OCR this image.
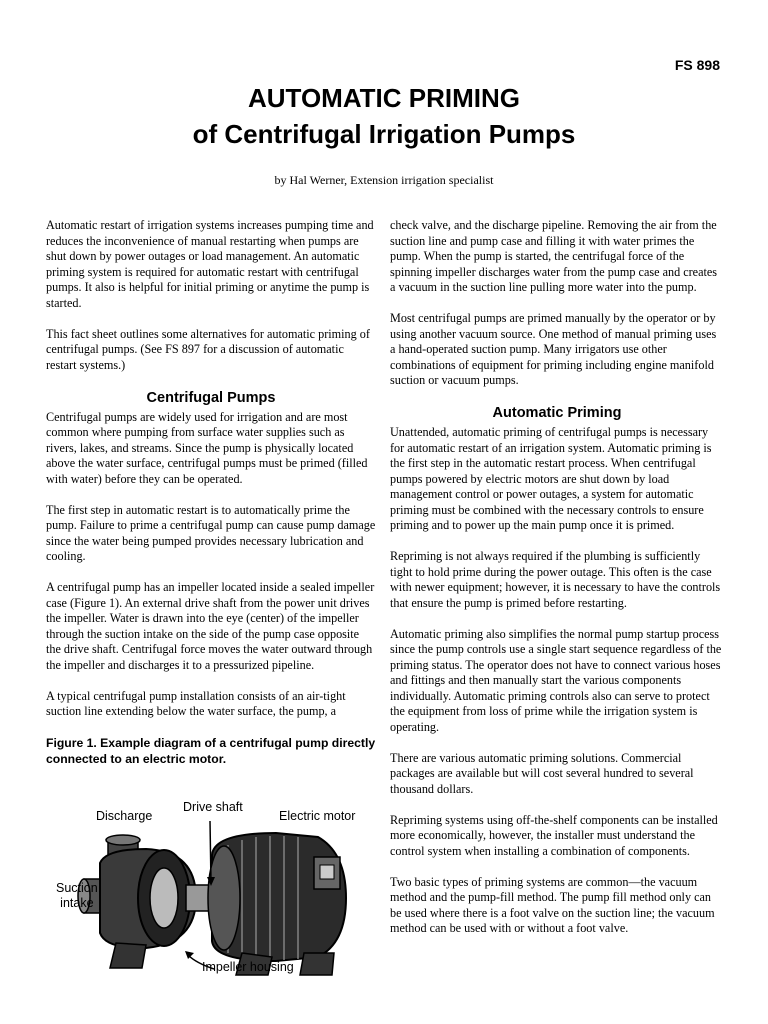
FS 898
AUTOMATIC PRIMING
of Centrifugal Irrigation Pumps
by Hal Werner, Extension irrigation specialist

Automatic restart of irrigation systems increases pumping time and reduces the inconvenience of manual restarting when pumps are shut down by power outages or load management. An automatic priming system is required for automatic restart with centrifugal pumps. It also is helpful for initial priming or anytime the pump is started.

This fact sheet outlines some alternatives for automatic priming of centrifugal pumps. (See FS 897 for a discussion of automatic restart systems.)

Centrifugal Pumps

Centrifugal pumps are widely used for irrigation and are most common where pumping from surface water supplies such as rivers, lakes, and streams. Since the pump is physically located above the water surface, centrifugal pumps must be primed (filled with water) before they can be operated.

The first step in automatic restart is to automatically prime the pump. Failure to prime a centrifugal pump can cause pump damage since the water being pumped provides necessary lubrication and cooling.

A centrifugal pump has an impeller located inside a sealed impeller case (Figure 1). An external drive shaft from the power unit drives the impeller. Water is drawn into the eye (center) of the impeller through the suction intake on the side of the pump case opposite the drive shaft. Centrifugal force moves the water outward through the impeller and discharges it to a pressurized pipeline.

A typical centrifugal pump installation consists of an air-tight suction line extending below the water surface, the pump, a

Figure 1. Example diagram of a centrifugal pump directly connected to an electric motor.
Discharge
Drive shaft
Electric motor
Suction
intake
Impeller housing

check valve, and the discharge pipeline. Removing the air from the suction line and pump case and filling it with water primes the pump. When the pump is started, the centrifugal force of the spinning impeller discharges water from the pump case and creates a vacuum in the suction line pulling more water into the pump.

Most centrifugal pumps are primed manually by the operator or by using another vacuum source. One method of manual priming uses a hand-operated suction pump. Many irrigators use other combinations of equipment for priming including engine manifold suction or vacuum pumps.

Automatic Priming

Unattended, automatic priming of centrifugal pumps is necessary for automatic restart of an irrigation system. Automatic priming is the first step in the automatic restart process. When centrifugal pumps powered by electric motors are shut down by load management control or power outages, a system for automatic priming must be combined with the necessary controls to ensure priming and to power up the main pump once it is primed.

Repriming is not always required if the plumbing is sufficiently tight to hold prime during the power outage. This often is the case with newer equipment; however, it is necessary to have the controls that ensure the pump is primed before restarting.

Automatic priming also simplifies the normal pump startup process since the pump controls use a single start sequence regardless of the priming status. The operator does not have to connect various hoses and fittings and then manually start the various components individually. Automatic priming controls also can serve to protect the equipment from loss of prime while the irrigation system is operating.

There are various automatic priming solutions. Commercial packages are available but will cost several hundred to several thousand dollars.

Repriming systems using off-the-shelf components can be installed more economically, however, the installer must understand the control system when installing a combination of components.

Two basic types of priming systems are common—the vacuum method and the pump-fill method. The pump fill method only can be used where there is a foot valve on the suction line; the vacuum method can be used with or without a foot valve.
